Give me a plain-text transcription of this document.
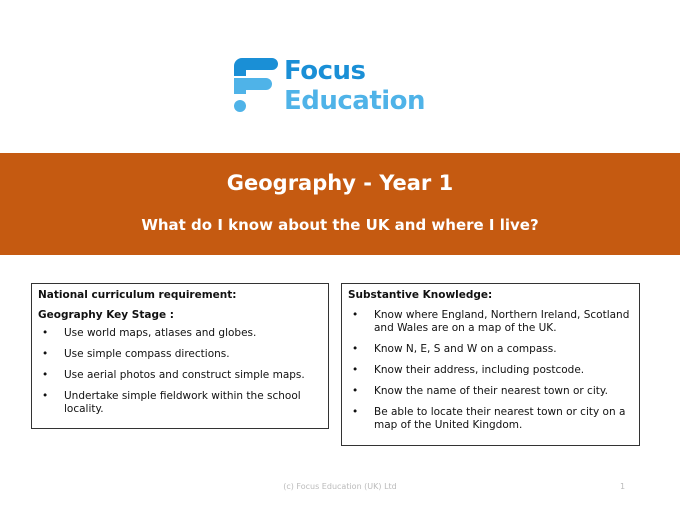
Focus
Education
Geography - Year 1
What do I know about the UK and where I live?
National curriculum requirement:
Geography Key Stage :
• Use world maps, atlases and globes.
• Use simple compass directions.
• Use aerial photos and construct simple maps.
• Undertake simple fieldwork within the school locality.
Substantive Knowledge:
• Know where England, Northern Ireland, Scotland and Wales are on a map of the UK.
• Know N, E, S and W on a compass.
• Know their address, including postcode.
• Know the name of their nearest town or city.
• Be able to locate their nearest town or city on a map of the United Kingdom.
(c) Focus Education (UK) Ltd	1
